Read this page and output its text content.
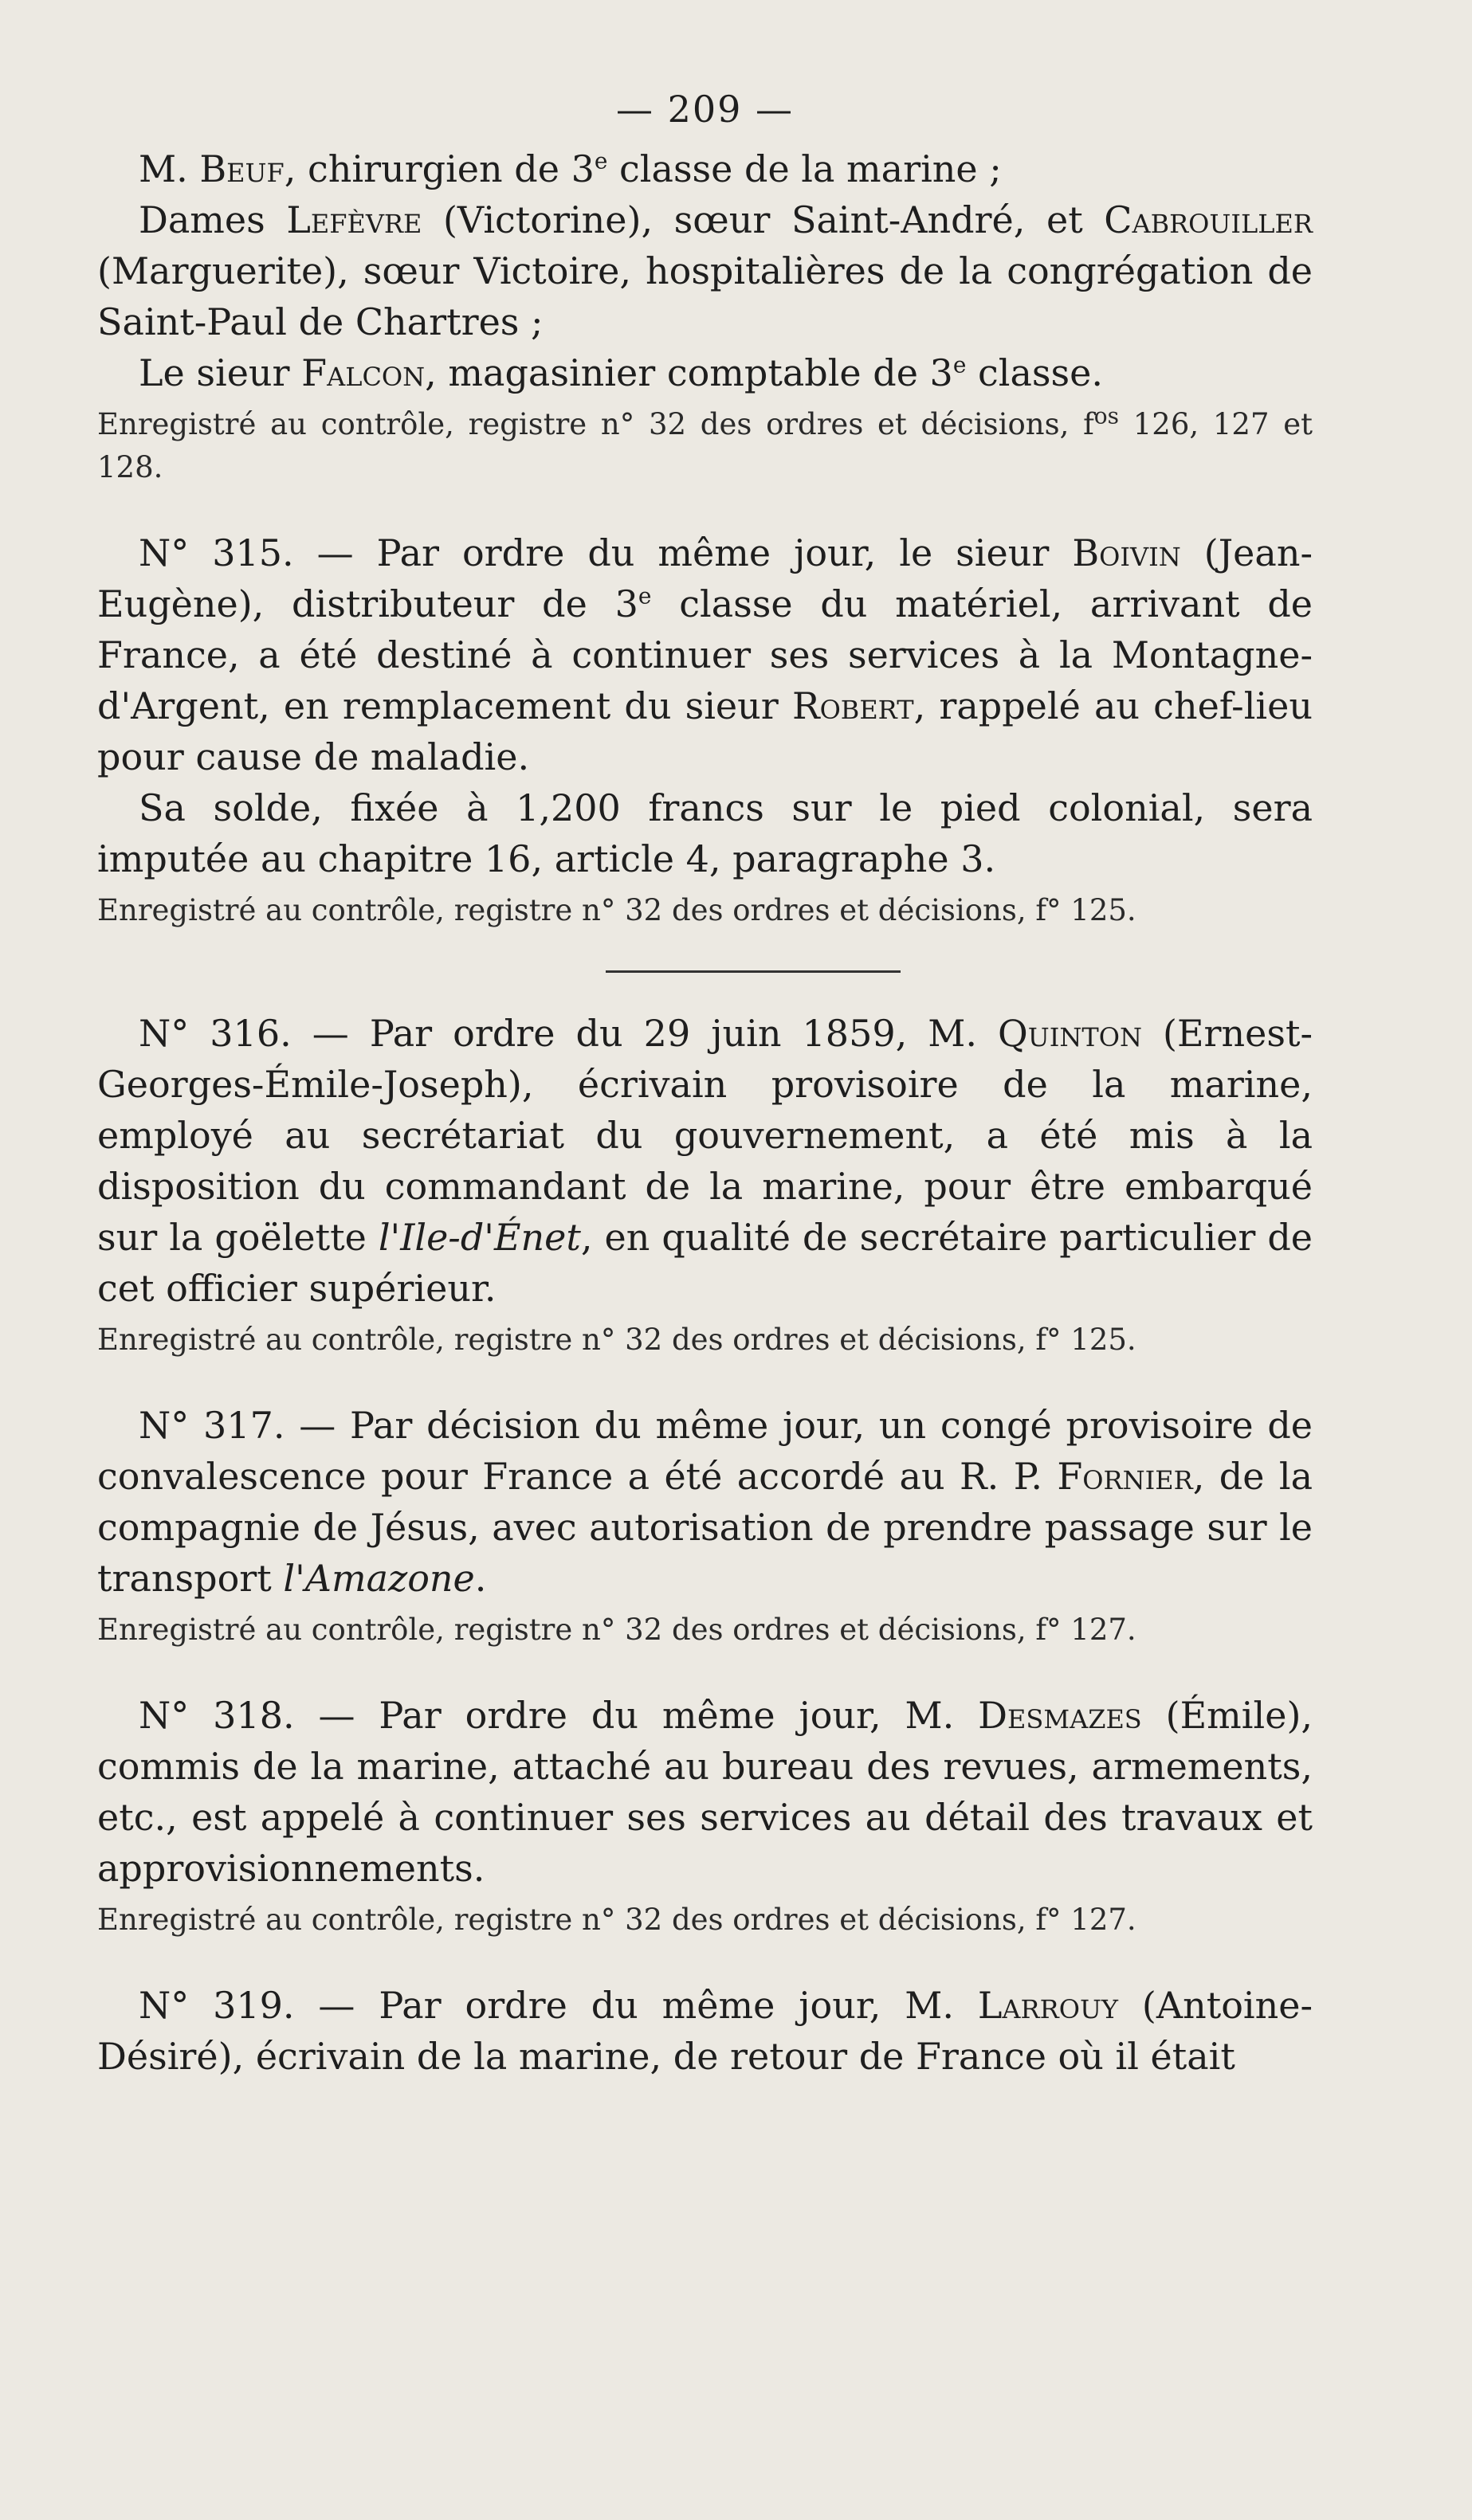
— 209 —

M. Beuf, chirurgien de 3e classe de la marine ;

Dames Lefèvre (Victorine), sœur Saint-André, et Cabrouiller (Marguerite), sœur Victoire, hospitalières de la congrégation de Saint-Paul de Chartres ;

Le sieur Falcon, magasinier comptable de 3e classe.

Enregistré au contrôle, registre n° 32 des ordres et décisions, $f^{os}$ 126, 127 et 128.

N° 315. — Par ordre du même jour, le sieur Boivin (Jean-Eugène), distributeur de 3e classe du matériel, arrivant de France, a été destiné à continuer ses services à la Montagne-d'Argent, en remplacement du sieur Robert, rappelé au chef-lieu pour cause de maladie.

Sa solde, fixée à 1,200 francs sur le pied colonial, sera imputée au chapitre 16, article 4, paragraphe 3.

Enregistré au contrôle, registre n° 32 des ordres et décisions, f° 125.

N° 316. — Par ordre du 29 juin 1859, M. Quinton (Ernest-Georges-Émile-Joseph), écrivain provisoire de la marine, employé au secrétariat du gouvernement, a été mis à la disposition du commandant de la marine, pour être embarqué sur la goëlette l'Ile-d'Énet, en qualité de secrétaire particulier de cet officier supérieur.

Enregistré au contrôle, registre n° 32 des ordres et décisions, f° 125.

N° 317. — Par décision du même jour, un congé provisoire de convalescence pour France a été accordé au R. P. Fornier, de la compagnie de Jésus, avec autorisation de prendre passage sur le transport l'Amazone.

Enregistré au contrôle, registre n° 32 des ordres et décisions, f° 127.

N° 318. — Par ordre du même jour, M. Desmazes (Émile), commis de la marine, attaché au bureau des revues, armements, etc., est appelé à continuer ses services au détail des travaux et approvisionnements.

Enregistré au contrôle, registre n° 32 des ordres et décisions, f° 127.

N° 319. — Par ordre du même jour, M. Larrouy (Antoine-Désiré), écrivain de la marine, de retour de France où il était
